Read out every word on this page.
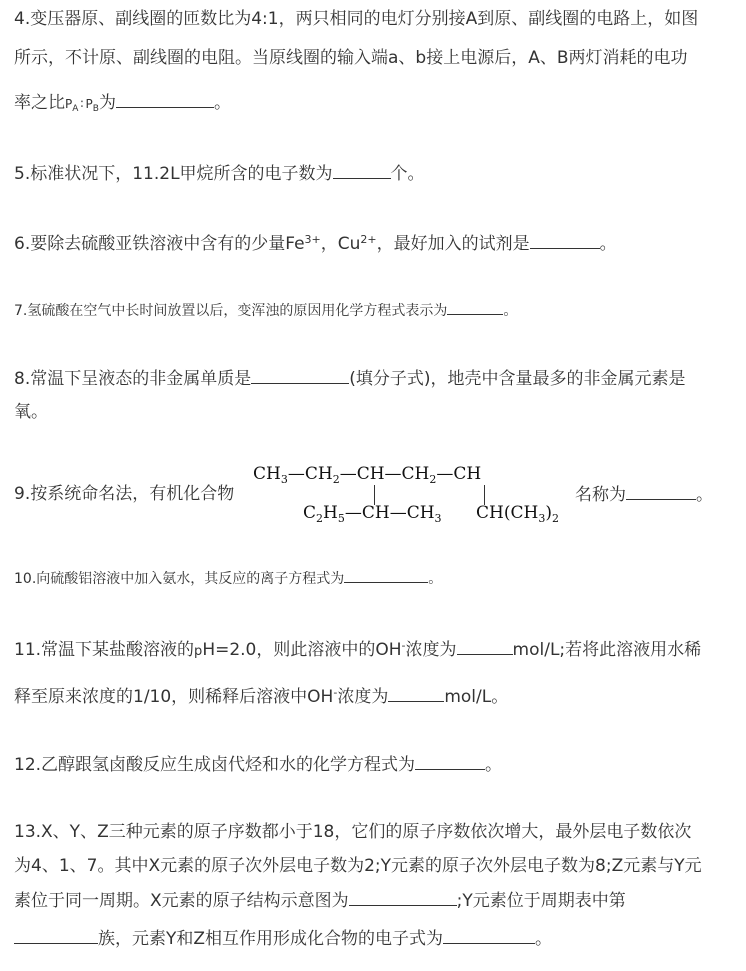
4.变压器原、副线圈的匝数比为4:1，两只相同的电灯分别接A到原、副线圈的电路上，如图
所示，不计原、副线圈的电阻。当原线圈的输入端a、b接上电源后，A、B两灯消耗的电功
率之比$P_A$ ∶ $P_B$为	。
5.标准状况下，11.2L甲烷所含的电子数为	个。
6.要除去硫酸亚铁溶液中含有的少量$Fe^{3+}$，$Cu^{2+}$，最好加入的试剂是	。
7.氢硫酸在空气中长时间放置以后，变浑浊的原因用化学方程式表示为	。
8.常温下呈液态的非金属单质是	(填分子式)，地壳中含量最多的非金属元素是
氧。
9.按系统命名法，有机化合物
$CH_3—CH_2—CH—CH_2—CH$
$C_2H_5—CH—CH_3$ $CH(CH_3)_2$
名称为	。
10.向硫酸铝溶液中加入氨水，其反应的离子方程式为	。
11.常温下某盐酸溶液的pH=2.0，则此溶液中的OH-浓度为	mol/L;若将此溶液用水稀
释至原来浓度的1/10，则稀释后溶液中OH-浓度为	mol/L。
12.乙醇跟氢卤酸反应生成卤代烃和水的化学方程式为	。
13.X、Y、Z三种元素的原子序数都小于18，它们的原子序数依次增大，最外层电子数依次
为4、1、7。其中X元素的原子次外层电子数为2;Y元素的原子次外层电子数为8;Z元素与Y元
素位于同一周期。X元素的原子结构示意图为	;Y元素位于周期表中第
族，元素Y和Z相互作用形成化合物的电子式为	。
